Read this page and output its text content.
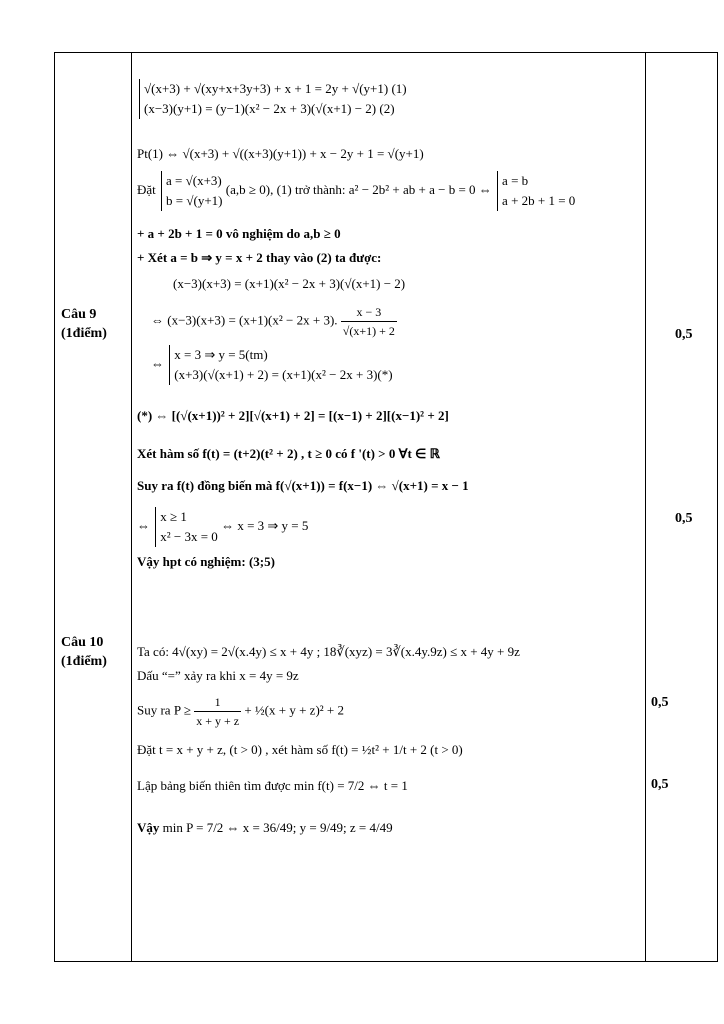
Câu 9
(1điểm)	0,5
0,5
√(x+3) + √(xy+x+3y+3) + x + 1 = 2y + √(y+1) (1)
(x−3)(y+1) = (y−1)(x² − 2x + 3)(√(x+1) − 2) (2)
Pt(1) ⇔ √(x+3) + √((x+3)(y+1)) + x − 2y + 1 = √(y+1)
Đặt
a = √(x+3)
b = √(y+1)
(a,b ≥ 0), (1) trở thành: a² − 2b² + ab + a − b = 0 ⇔
a = b
a + 2b + 1 = 0
+ a + 2b + 1 = 0 vô nghiệm do a,b ≥ 0
+ Xét a = b ⇒ y = x + 2 thay vào (2) ta được:
(x−3)(x+3) = (x+1)(x² − 2x + 3)(√(x+1) − 2)
⇔ (x−3)(x+3) = (x+1)(x² − 2x + 3). $\frac{x - 3}{√(x+1) + 2}$
⇔
x = 3 ⇒ y = 5(tm)
(x+3)(√(x+1) + 2) = (x+1)(x² − 2x + 3)(*)
(*) ⇔ [(√(x+1))² + 2][√(x+1) + 2] = [(x−1) + 2][(x−1)² + 2]
Xét hàm số f(t) = (t+2)(t² + 2) , t ≥ 0 có f '(t) > 0 ∀t ∈ ℝ
Suy ra f(t) đồng biến mà f(√(x+1)) = f(x−1) ⇔ √(x+1) = x − 1
⇔
x ≥ 1
x² − 3x = 0
⇔ x = 3 ⇒ y = 5
Vậy hpt có nghiệm: (3;5)
Câu 10
(1điểm)
0,5
0,5
Ta có: 4√(xy) = 2√(x.4y) ≤ x + 4y ; 18∛(xyz) = 3∛(x.4y.9z) ≤ x + 4y + 9z
Dấu “=” xảy ra khi x = 4y = 9z
Suy ra $P \ge \frac{1}{x + y + z}$ + ½(x + y + z)² + 2
Đặt t = x + y + z, (t > 0) , xét hàm số f(t) = ½t² + 1/t + 2 (t > 0)
Lập bảng biến thiên tìm được min f(t) = 7/2 ⇔ t = 1
Vậy min P = 7/2 ⇔ x = 36/49; y = 9/49; z = 4/49
